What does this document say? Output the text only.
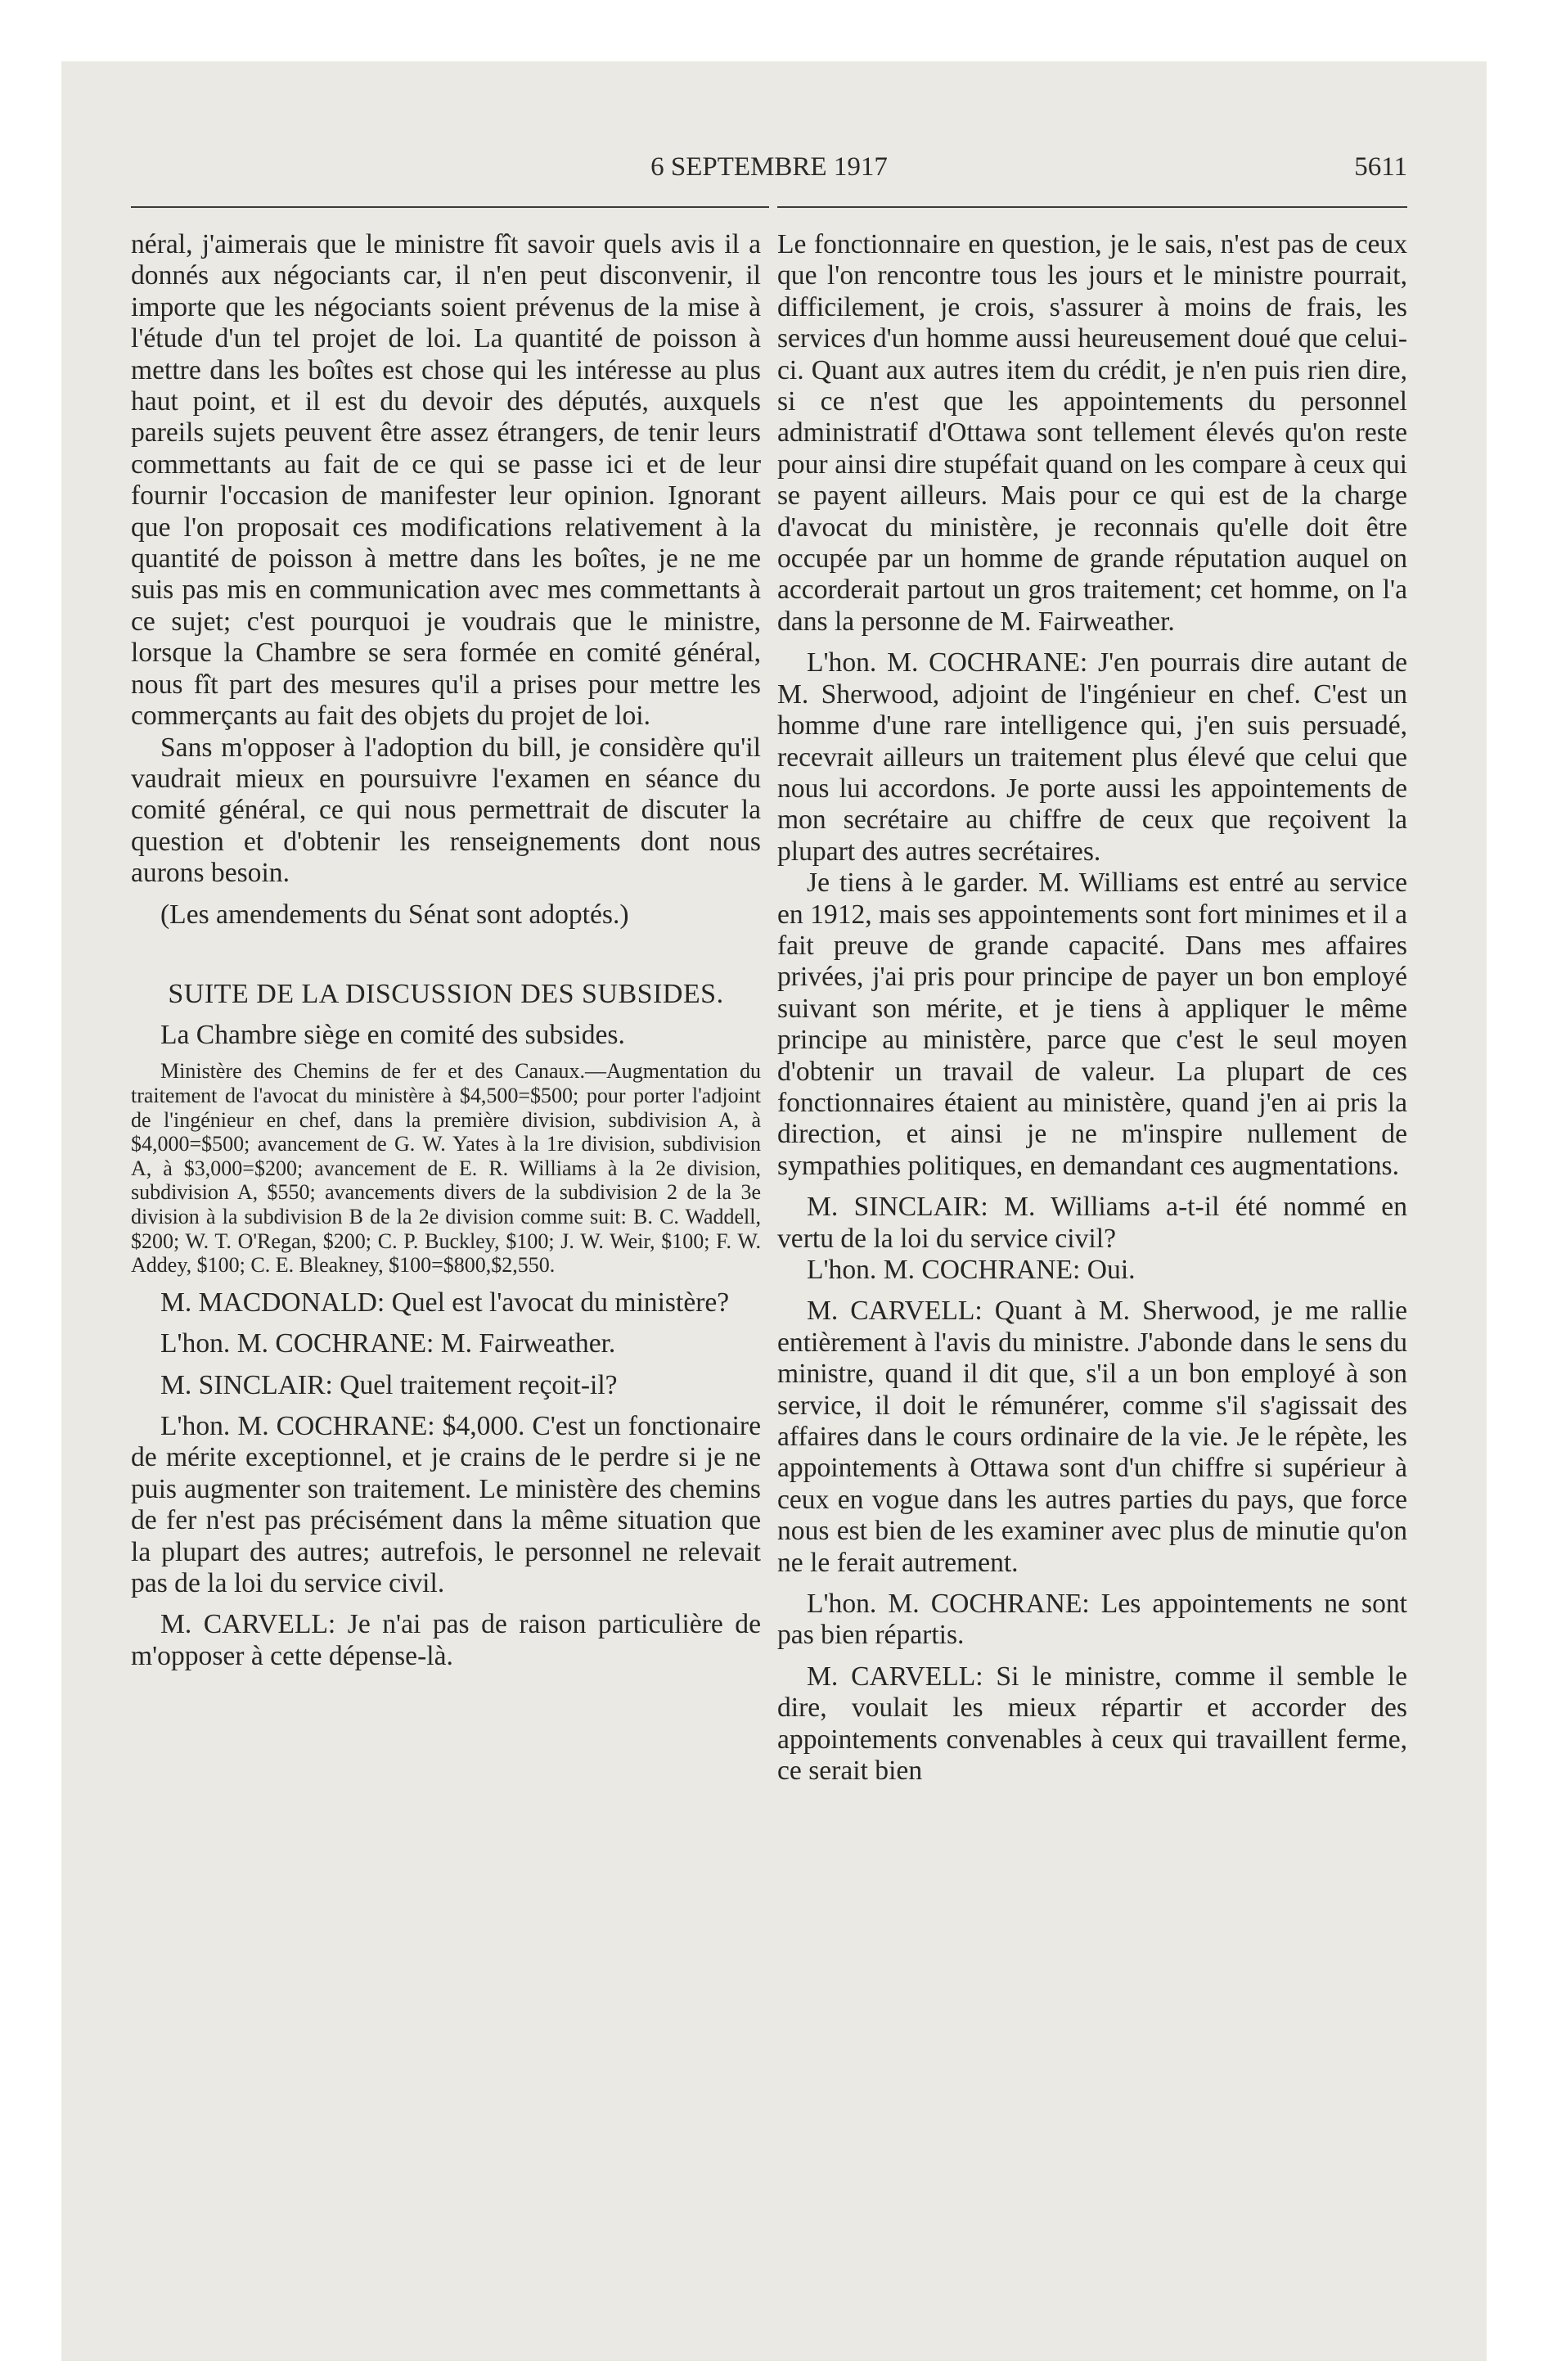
6 SEPTEMBRE 1917	5611

néral, j'aimerais que le ministre fît savoir quels avis il a donnés aux négociants car, il n'en peut disconvenir, il importe que les négociants soient prévenus de la mise à l'étude d'un tel projet de loi. La quantité de poisson à mettre dans les boîtes est chose qui les intéresse au plus haut point, et il est du devoir des députés, auxquels pareils sujets peuvent être assez étrangers, de tenir leurs commettants au fait de ce qui se passe ici et de leur fournir l'occasion de manifester leur opinion. Ignorant que l'on proposait ces modifications relativement à la quantité de poisson à mettre dans les boîtes, je ne me suis pas mis en communication avec mes commettants à ce sujet; c'est pourquoi je voudrais que le ministre, lorsque la Chambre se sera formée en comité général, nous fît part des mesures qu'il a prises pour mettre les commerçants au fait des objets du projet de loi.

Sans m'opposer à l'adoption du bill, je considère qu'il vaudrait mieux en poursuivre l'examen en séance du comité général, ce qui nous permettrait de discuter la question et d'obtenir les renseignements dont nous aurons besoin.

(Les amendements du Sénat sont adoptés.)

SUITE DE LA DISCUSSION DES SUBSIDES.

La Chambre siège en comité des subsides.

Ministère des Chemins de fer et des Canaux.—Augmentation du traitement de l'avocat du ministère à $4,500=$500; pour porter l'adjoint de l'ingénieur en chef, dans la première division, subdivision A, à $4,000=$500; avancement de G. W. Yates à la 1re division, subdivision A, à $3,000=$200; avancement de E. R. Williams à la 2e division, subdivision A, $550; avancements divers de la subdivision 2 de la 3e division à la subdivision B de la 2e division comme suit: B. C. Waddell, $200; W. T. O'Regan, $200; C. P. Buckley, $100; J. W. Weir, $100; F. W. Addey, $100; C. E. Bleakney, $100=$800,$2,550.

M. MACDONALD: Quel est l'avocat du ministère?

L'hon. M. COCHRANE: M. Fairweather.

M. SINCLAIR: Quel traitement reçoit-il?

L'hon. M. COCHRANE: $4,000. C'est un fonctionaire de mérite exceptionnel, et je crains de le perdre si je ne puis augmenter son traitement. Le ministère des chemins de fer n'est pas précisément dans la même situation que la plupart des autres; autrefois, le personnel ne relevait pas de la loi du service civil.

M. CARVELL: Je n'ai pas de raison particulière de m'opposer à cette dépense-là.

Le fonctionnaire en question, je le sais, n'est pas de ceux que l'on rencontre tous les jours et le ministre pourrait, difficilement, je crois, s'assurer à moins de frais, les services d'un homme aussi heureusement doué que celui-ci. Quant aux autres item du crédit, je n'en puis rien dire, si ce n'est que les appointements du personnel administratif d'Ottawa sont tellement élevés qu'on reste pour ainsi dire stupéfait quand on les compare à ceux qui se payent ailleurs. Mais pour ce qui est de la charge d'avocat du ministère, je reconnais qu'elle doit être occupée par un homme de grande réputation auquel on accorderait partout un gros traitement; cet homme, on l'a dans la personne de M. Fairweather.

L'hon. M. COCHRANE: J'en pourrais dire autant de M. Sherwood, adjoint de l'ingénieur en chef. C'est un homme d'une rare intelligence qui, j'en suis persuadé, recevrait ailleurs un traitement plus élevé que celui que nous lui accordons. Je porte aussi les appointements de mon secrétaire au chiffre de ceux que reçoivent la plupart des autres secrétaires.

Je tiens à le garder. M. Williams est entré au service en 1912, mais ses appointements sont fort minimes et il a fait preuve de grande capacité. Dans mes affaires privées, j'ai pris pour principe de payer un bon employé suivant son mérite, et je tiens à appliquer le même principe au ministère, parce que c'est le seul moyen d'obtenir un travail de valeur. La plupart de ces fonctionnaires étaient au ministère, quand j'en ai pris la direction, et ainsi je ne m'inspire nullement de sympathies politiques, en demandant ces augmentations.

M. SINCLAIR: M. Williams a-t-il été nommé en vertu de la loi du service civil?

L'hon. M. COCHRANE: Oui.

M. CARVELL: Quant à M. Sherwood, je me rallie entièrement à l'avis du ministre. J'abonde dans le sens du ministre, quand il dit que, s'il a un bon employé à son service, il doit le rémunérer, comme s'il s'agissait des affaires dans le cours ordinaire de la vie. Je le répète, les appointements à Ottawa sont d'un chiffre si supérieur à ceux en vogue dans les autres parties du pays, que force nous est bien de les examiner avec plus de minutie qu'on ne le ferait autrement.

L'hon. M. COCHRANE: Les appointements ne sont pas bien répartis.

M. CARVELL: Si le ministre, comme il semble le dire, voulait les mieux répartir et accorder des appointements convenables à ceux qui travaillent ferme, ce serait bien
